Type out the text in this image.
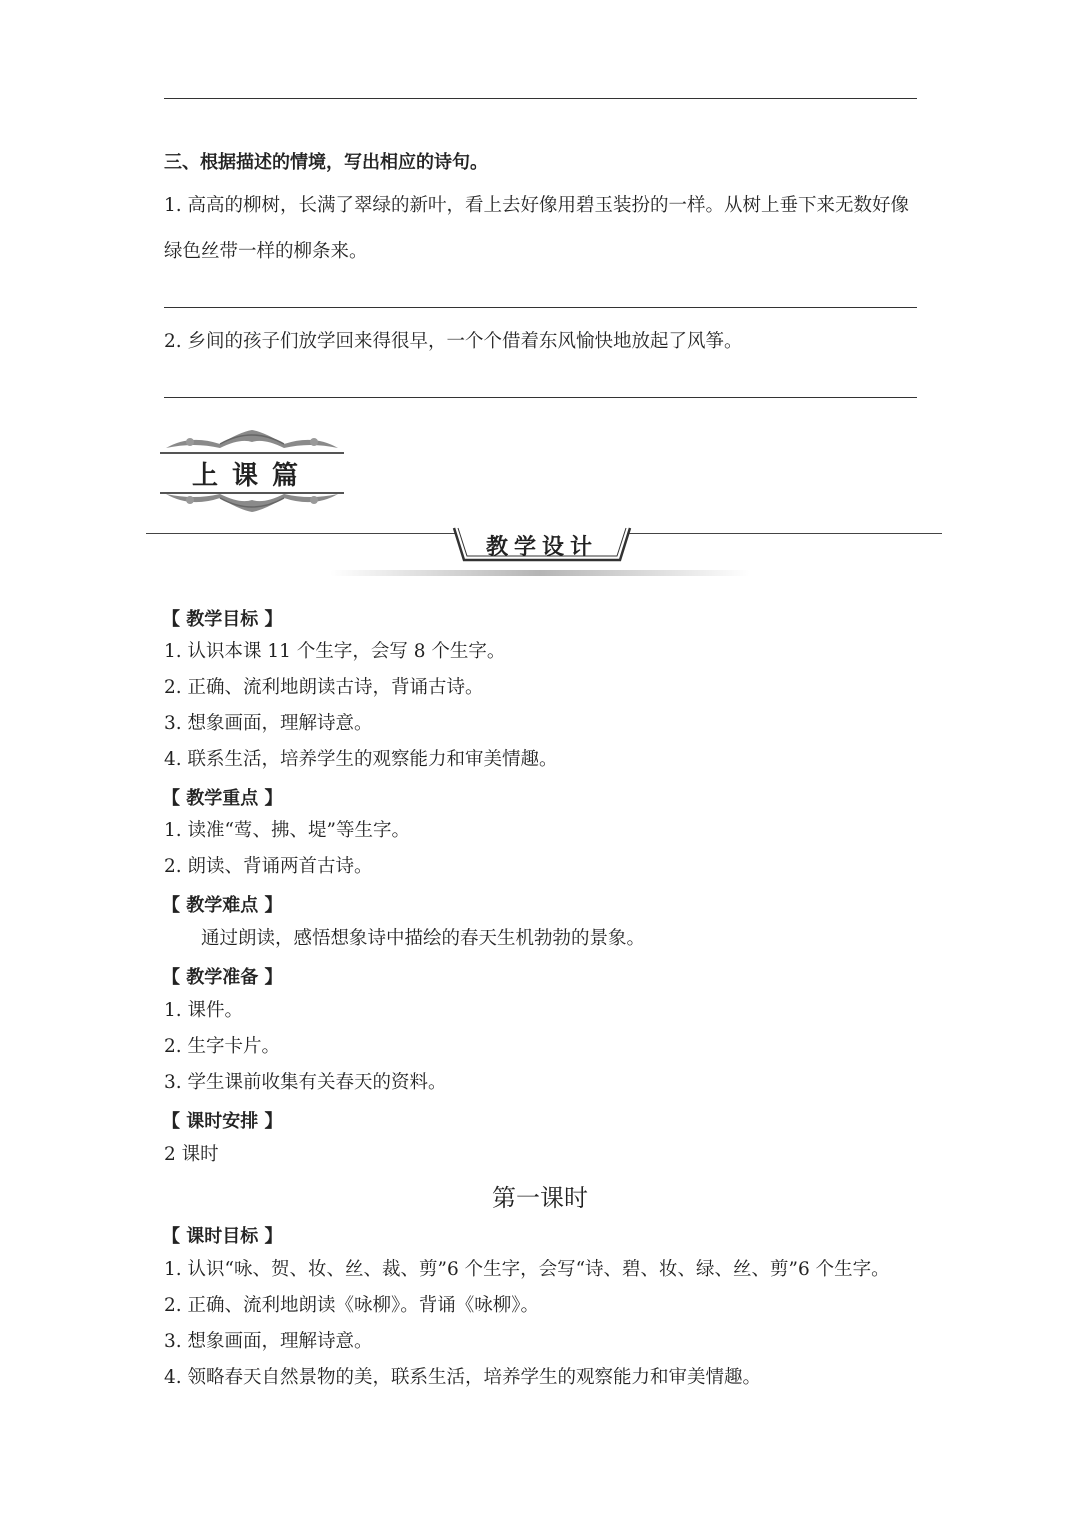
三、根据描述的情境，写出相应的诗句。
1. 高高的柳树，长满了翠绿的新叶，看上去好像用碧玉装扮的一样。从树上垂下来无数好像
绿色丝带一样的柳条来。
2. 乡间的孩子们放学回来得很早，一个个借着东风愉快地放起了风筝。
上课篇
教学设计
【 教学目标 】
1. 认识本课 11 个生字，会写 8 个生字。
2. 正确、流利地朗读古诗，背诵古诗。
3. 想象画面，理解诗意。
4. 联系生活，培养学生的观察能力和审美情趣。
【 教学重点 】
1. 读准“莺、拂、堤”等生字。
2. 朗读、背诵两首古诗。
【 教学难点 】
通过朗读，感悟想象诗中描绘的春天生机勃勃的景象。
【 教学准备 】
1. 课件。
2. 生字卡片。
3. 学生课前收集有关春天的资料。
【 课时安排 】
2 课时
第一课时
【 课时目标 】
1. 认识“咏、贺、妆、丝、裁、剪”6 个生字，会写“诗、碧、妆、绿、丝、剪”6 个生字。
2. 正确、流利地朗读《咏柳》。背诵《咏柳》。
3. 想象画面，理解诗意。
4. 领略春天自然景物的美，联系生活，培养学生的观察能力和审美情趣。
